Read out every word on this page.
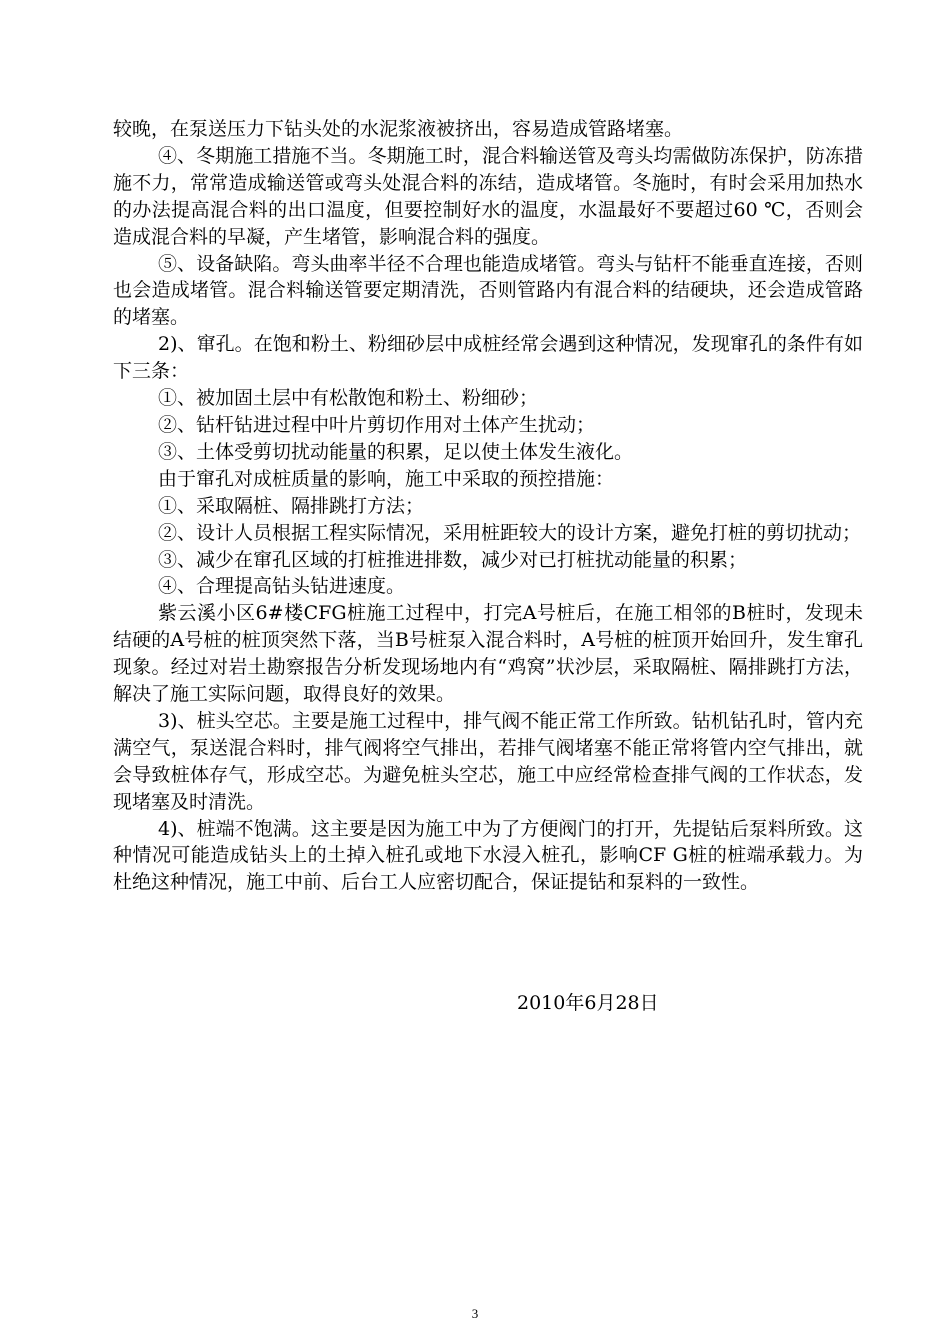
较晚，在泵送压力下钻头处的水泥浆液被挤出，容易造成管路堵塞。

④、冬期施工措施不当。冬期施工时，混合料输送管及弯头均需做防冻保护，防冻措施不力，常常造成输送管或弯头处混合料的冻结，造成堵管。冬施时，有时会采用加热水的办法提高混合料的出口温度，但要控制好水的温度，水温最好不要超过60 ℃，否则会造成混合料的早凝，产生堵管，影响混合料的强度。

⑤、设备缺陷。弯头曲率半径不合理也能造成堵管。弯头与钻杆不能垂直连接，否则也会造成堵管。混合料输送管要定期清洗，否则管路内有混合料的结硬块，还会造成管路的堵塞。

2)、窜孔。在饱和粉土、粉细砂层中成桩经常会遇到这种情况，发现窜孔的条件有如下三条：

①、被加固土层中有松散饱和粉土、粉细砂；

②、钻杆钻进过程中叶片剪切作用对土体产生扰动；

③、土体受剪切扰动能量的积累，足以使土体发生液化。

由于窜孔对成桩质量的影响，施工中采取的预控措施：

①、采取隔桩、隔排跳打方法；

②、设计人员根据工程实际情况，采用桩距较大的设计方案，避免打桩的剪切扰动；

③、减少在窜孔区域的打桩推进排数，减少对已打桩扰动能量的积累；

④、合理提高钻头钻进速度。

紫云溪小区6#楼CFG桩施工过程中，打完A号桩后，在施工相邻的B桩时，发现未结硬的A号桩的桩顶突然下落，当B号桩泵入混合料时，A号桩的桩顶开始回升，发生窜孔现象。经过对岩土勘察报告分析发现场地内有“鸡窝”状沙层，采取隔桩、隔排跳打方法，解决了施工实际问题，取得良好的效果。

3)、桩头空芯。主要是施工过程中，排气阀不能正常工作所致。钻机钻孔时，管内充满空气，泵送混合料时，排气阀将空气排出，若排气阀堵塞不能正常将管内空气排出，就会导致桩体存气，形成空芯。为避免桩头空芯，施工中应经常检查排气阀的工作状态，发现堵塞及时清洗。

4)、桩端不饱满。这主要是因为施工中为了方便阀门的打开，先提钻后泵料所致。这种情况可能造成钻头上的土掉入桩孔或地下水浸入桩孔，影响CF G桩的桩端承载力。为杜绝这种情况，施工中前、后台工人应密切配合，保证提钻和泵料的一致性。

2010年6月28日
3
